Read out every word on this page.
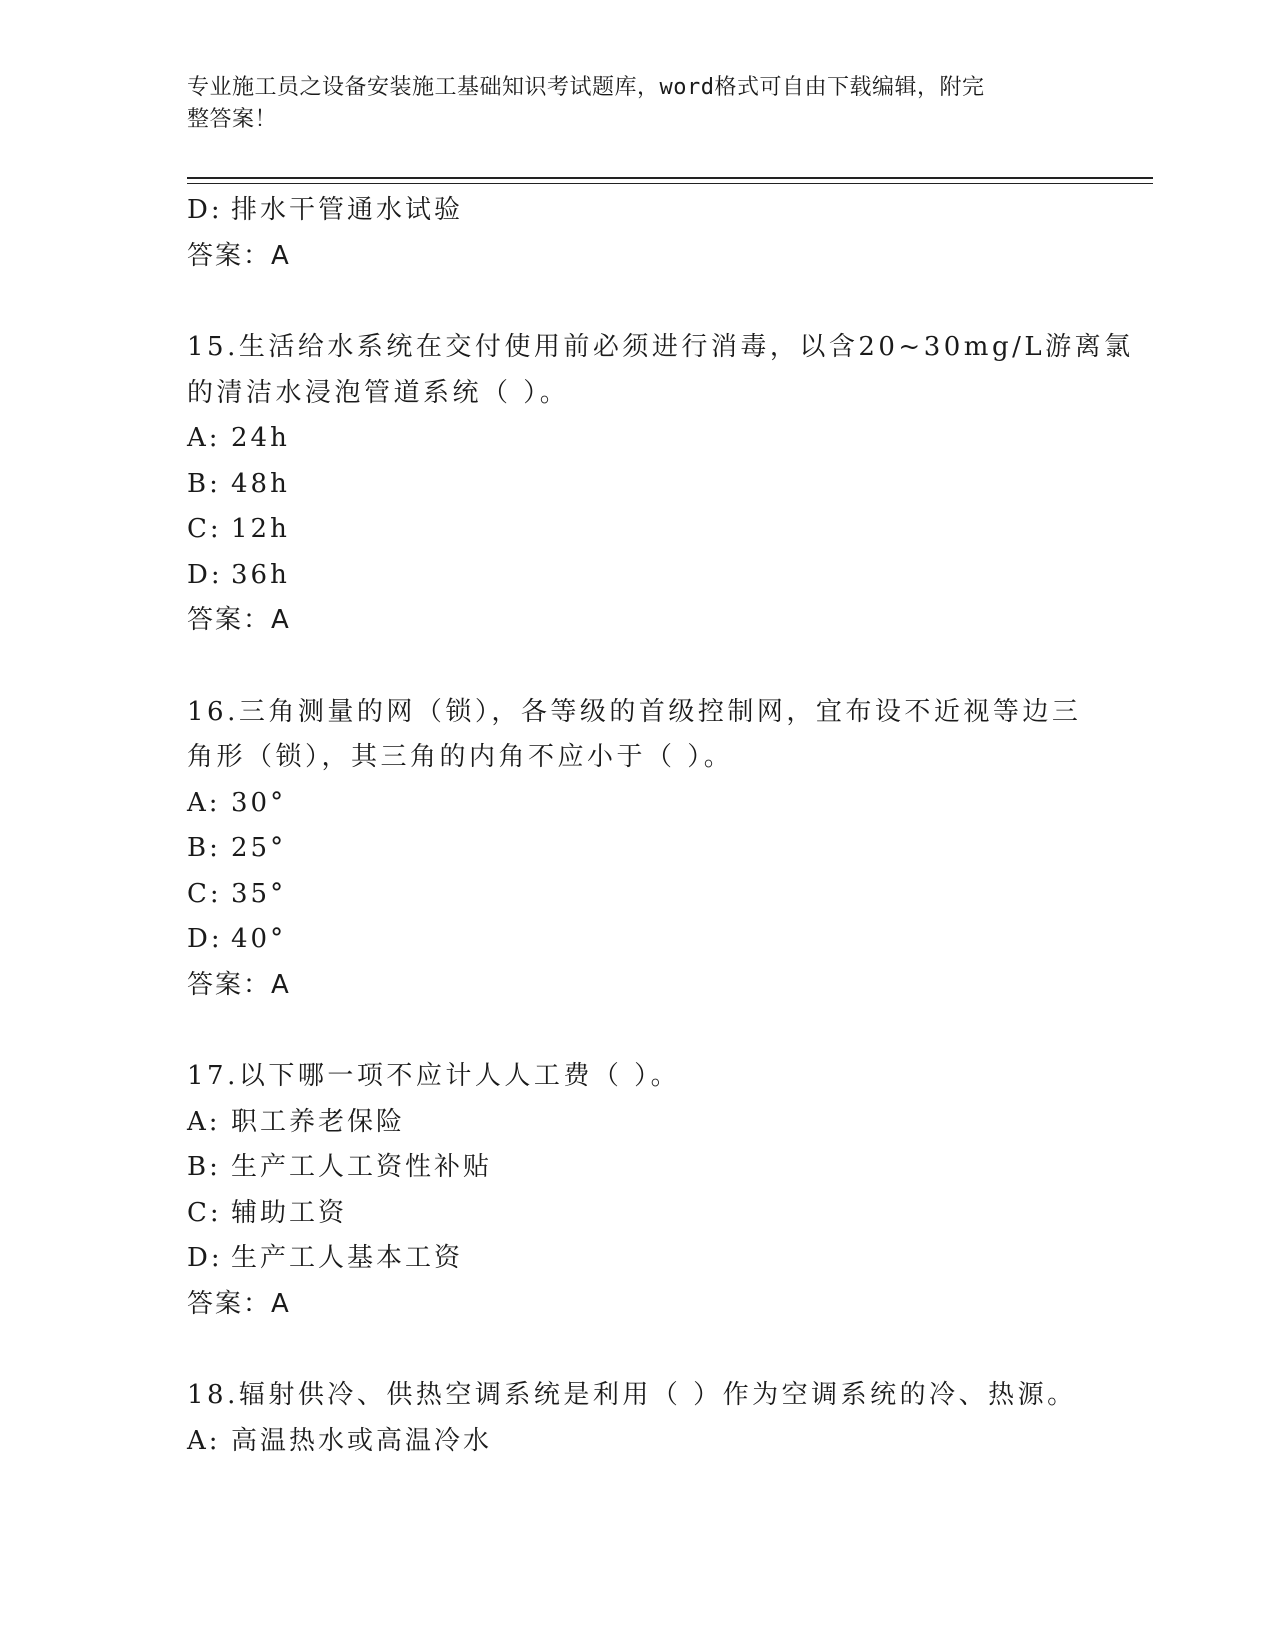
专业施工员之设备安装施工基础知识考试题库，word格式可自由下载编辑，附完
整答案！
D: 排水干管通水试验
答案：A
15.生活给水系统在交付使用前必须进行消毒，以含20~30mg/L游离氯
的清洁水浸泡管道系统（ ）。
A: 24h
B: 48h
C: 12h
D: 36h
答案：A
16.三角测量的网（锁），各等级的首级控制网，宜布设不近视等边三
角形（锁），其三角的内角不应小于（ ）。
A: 30°
B: 25°
C: 35°
D: 40°
答案：A
17.以下哪一项不应计人人工费（ ）。
A: 职工养老保险
B: 生产工人工资性补贴
C: 辅助工资
D: 生产工人基本工资
答案：A
18.辐射供冷、供热空调系统是利用（ ）作为空调系统的冷、热源。
A: 高温热水或高温冷水
